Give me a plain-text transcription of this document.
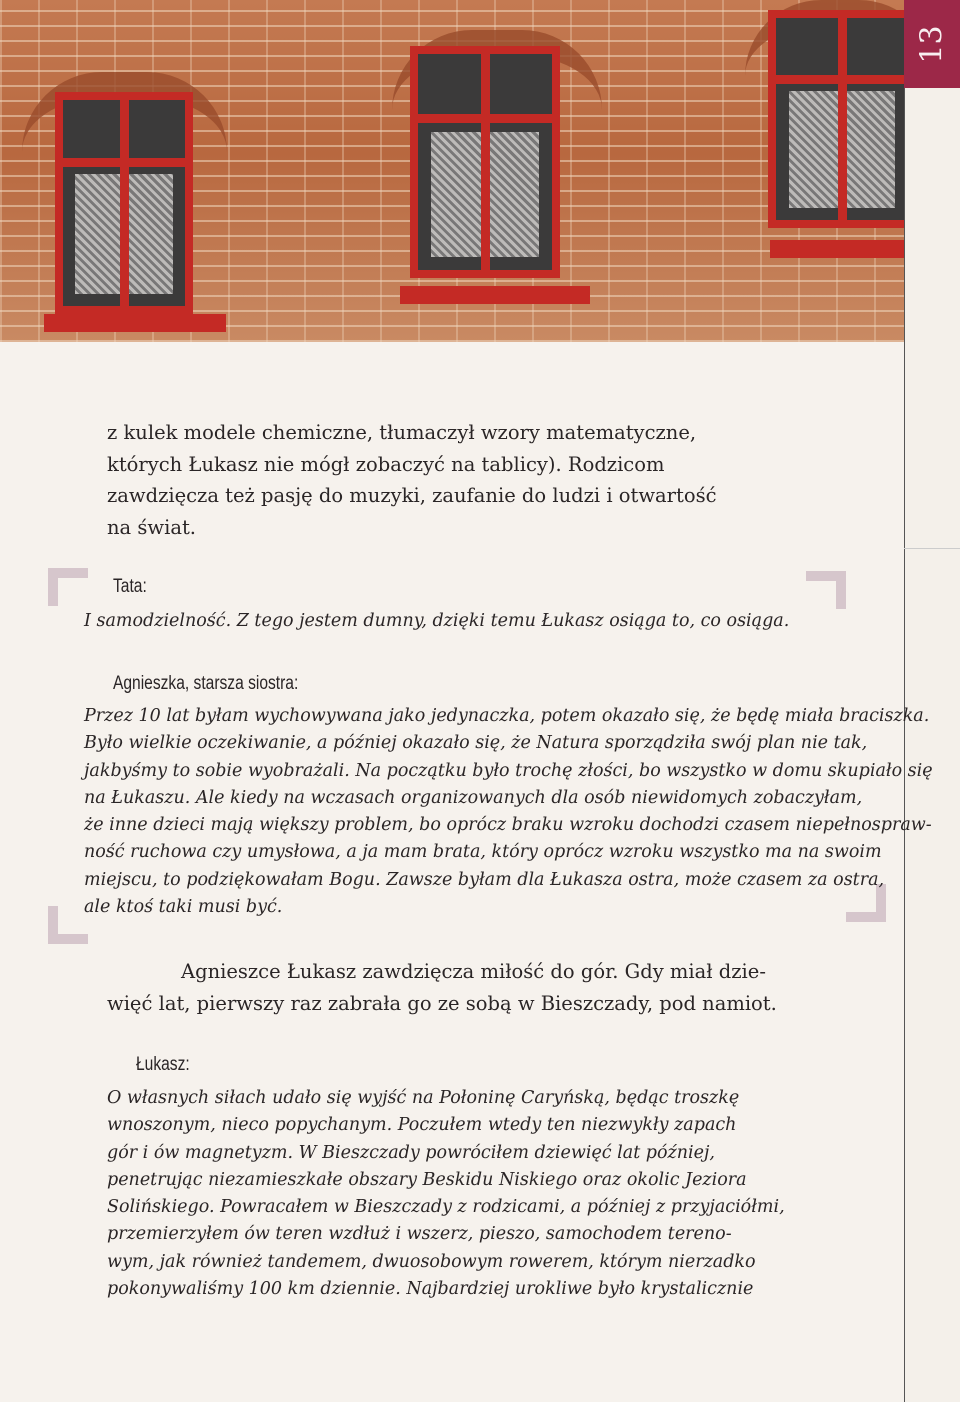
13
z kulek modele chemiczne, tłumaczył wzory matematyczne,
których Łukasz nie mógł zobaczyć na tablicy). Rodzicom
zawdzięcza też pasję do muzyki, zaufanie do ludzi i otwartość
na świat.
Tata:
I samodzielność. Z tego jestem dumny, dzięki temu Łukasz osiąga to, co osiąga.
Agnieszka, starsza siostra:
Przez 10 lat byłam wychowywana jako jedynaczka, potem okazało się, że będę miała braciszka.
Było wielkie oczekiwanie, a później okazało się, że Natura sporządziła swój plan nie tak,
jakbyśmy to sobie wyobrażali. Na początku było trochę złości, bo wszystko w domu skupiało się
na Łukaszu. Ale kiedy na wczasach organizowanych dla osób niewidomych zobaczyłam,
że inne dzieci mają większy problem, bo oprócz braku wzroku dochodzi czasem niepełnospraw-
ność ruchowa czy umysłowa, a ja mam brata, który oprócz wzroku wszystko ma na swoim
miejscu, to podziękowałam Bogu. Zawsze byłam dla Łukasza ostra, może czasem za ostra,
ale ktoś taki musi być.
Agnieszce Łukasz zawdzięcza miłość do gór. Gdy miał dzie-
więć lat, pierwszy raz zabrała go ze sobą w Bieszczady, pod namiot.
Łukasz:
O własnych siłach udało się wyjść na Połoninę Caryńską, będąc troszkę
wnoszonym, nieco popychanym. Poczułem wtedy ten niezwykły zapach
gór i ów magnetyzm. W Bieszczady powróciłem dziewięć lat później,
penetrując niezamieszkałe obszary Beskidu Niskiego oraz okolic Jeziora
Solińskiego. Powracałem w Bieszczady z rodzicami, a później z przyjaciółmi,
przemierzyłem ów teren wzdłuż i wszerz, pieszo, samochodem tereno-
wym, jak również tandemem, dwuosobowym rowerem, którym nierzadko
pokonywaliśmy 100 km dziennie. Najbardziej urokliwe było krystalicznie
